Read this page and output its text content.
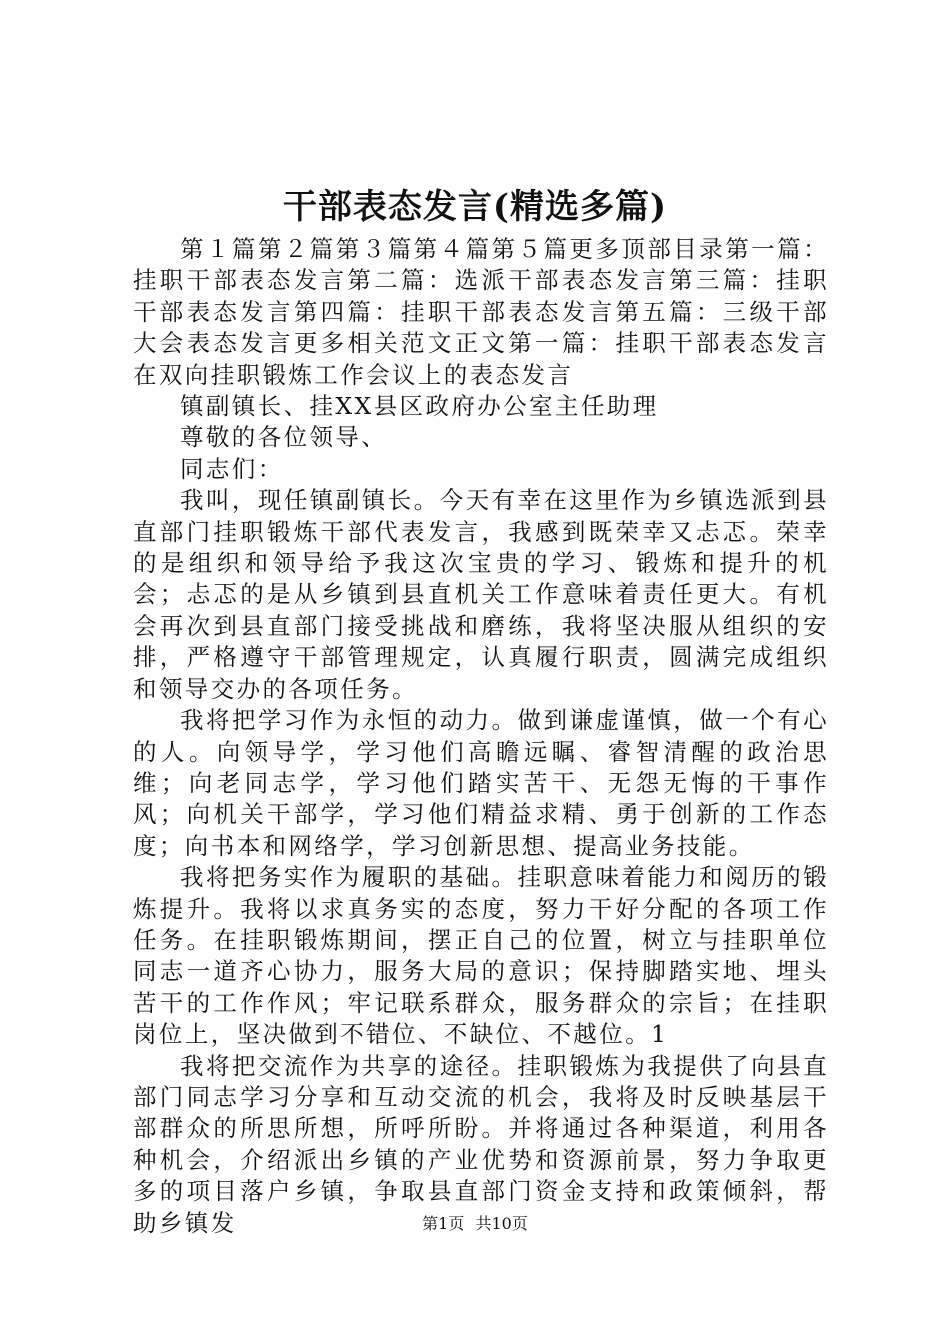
干部表态发言(精选多篇)

第１篇第２篇第３篇第４篇第５篇更多顶部目录第一篇：挂职干部表态发言第二篇：选派干部表态发言第三篇：挂职干部表态发言第四篇：挂职干部表态发言第五篇：三级干部大会表态发言更多相关范文正文第一篇：挂职干部表态发言在双向挂职锻炼工作会议上的表态发言

镇副镇长、挂XX县区政府办公室主任助理

尊敬的各位领导、

同志们：

我叫，现任镇副镇长。今天有幸在这里作为乡镇选派到县直部门挂职锻炼干部代表发言，我感到既荣幸又忐忑。荣幸的是组织和领导给予我这次宝贵的学习、锻炼和提升的机会；忐忑的是从乡镇到县直机关工作意味着责任更大。有机会再次到县直部门接受挑战和磨练，我将坚决服从组织的安排，严格遵守干部管理规定，认真履行职责，圆满完成组织和领导交办的各项任务。

我将把学习作为永恒的动力。做到谦虚谨慎，做一个有心的人。向领导学，学习他们高瞻远瞩、睿智清醒的政治思维；向老同志学，学习他们踏实苦干、无怨无悔的干事作风；向机关干部学，学习他们精益求精、勇于创新的工作态度；向书本和网络学，学习创新思想、提高业务技能。

我将把务实作为履职的基础。挂职意味着能力和阅历的锻炼提升。我将以求真务实的态度，努力干好分配的各项工作任务。在挂职锻炼期间，摆正自己的位置，树立与挂职单位同志一道齐心协力，服务大局的意识；保持脚踏实地、埋头苦干的工作作风；牢记联系群众，服务群众的宗旨；在挂职岗位上，坚决做到不错位、不缺位、不越位。1

我将把交流作为共享的途径。挂职锻炼为我提供了向县直部门同志学习分享和互动交流的机会，我将及时反映基层干部群众的所思所想，所呼所盼。并将通过各种渠道，利用各种机会，介绍派出乡镇的产业优势和资源前景，努力争取更多的项目落户乡镇，争取县直部门资金支持和政策倾斜，帮助乡镇发	第1页 共10页
